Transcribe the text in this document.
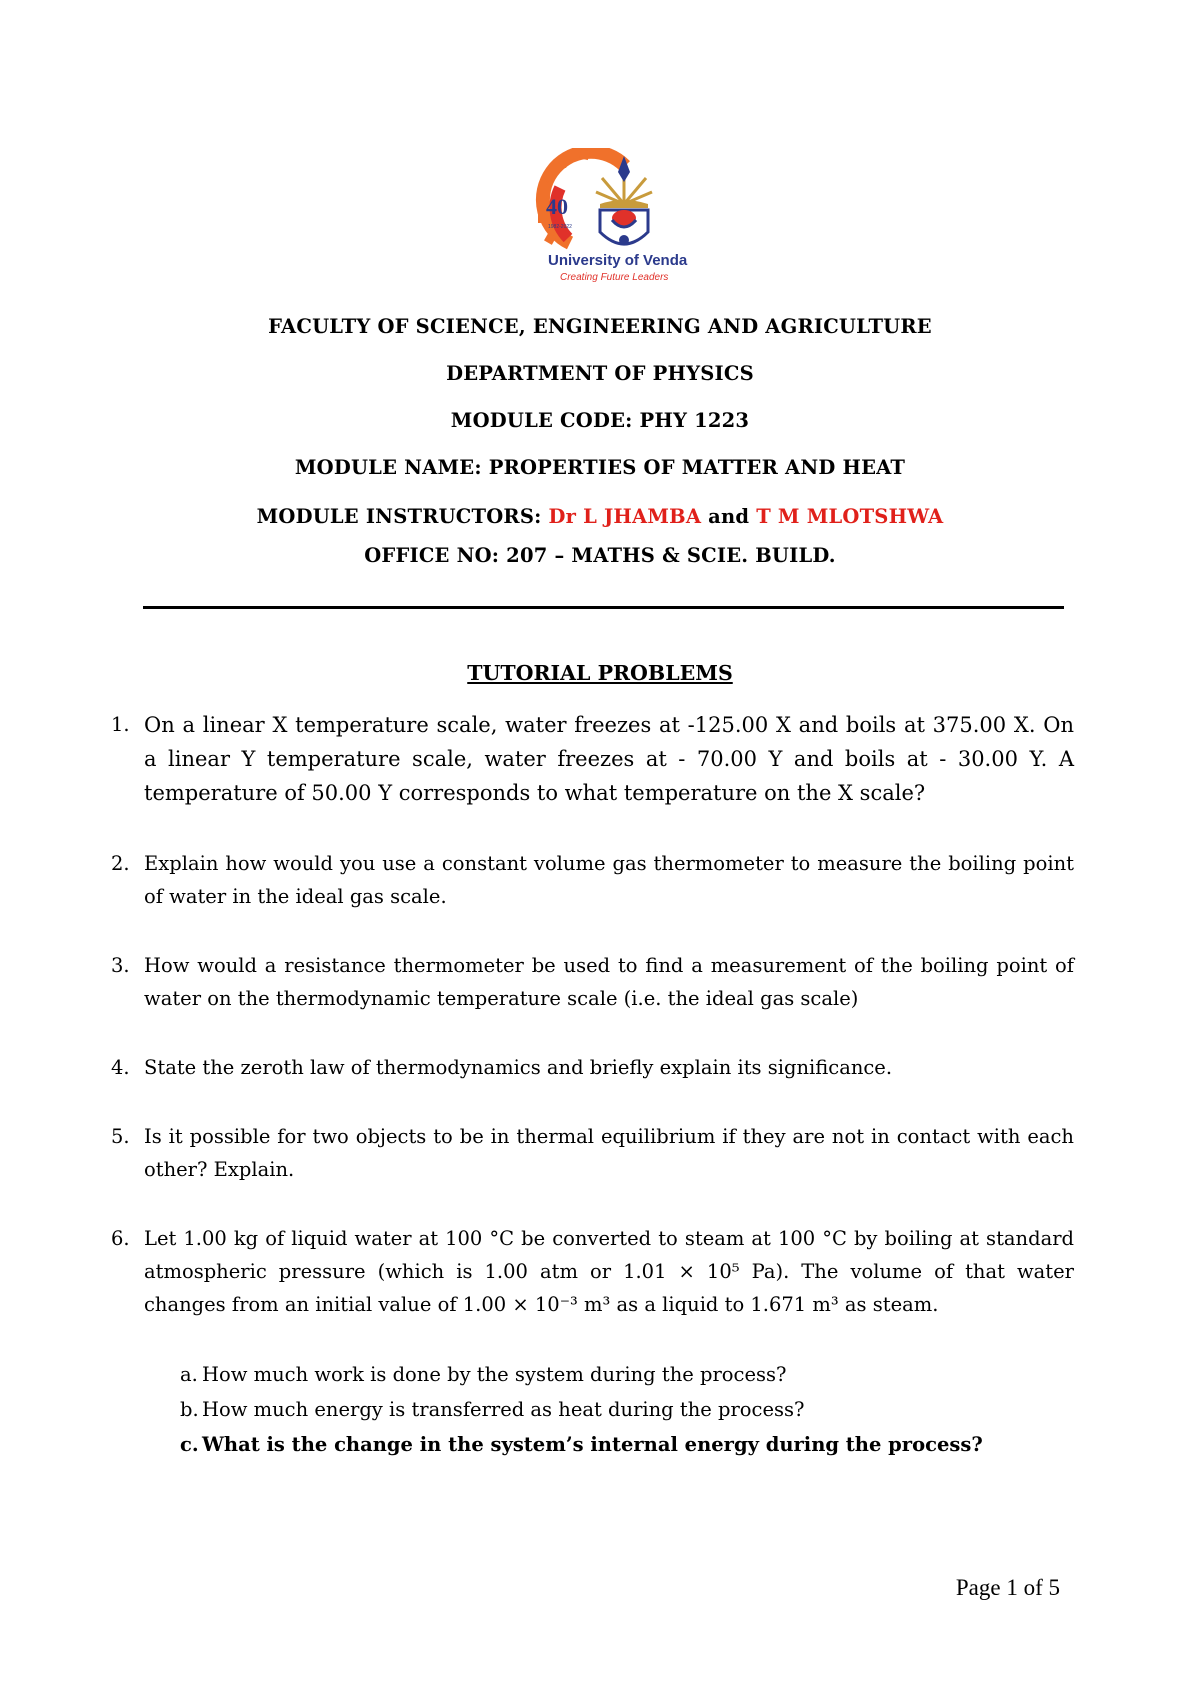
40
1982-2022
University of Venda
Creating Future Leaders
FACULTY OF SCIENCE, ENGINEERING AND AGRICULTURE
DEPARTMENT OF PHYSICS
MODULE CODE: PHY 1223
MODULE NAME: PROPERTIES OF MATTER AND HEAT
MODULE INSTRUCTORS: Dr L JHAMBA and T M MLOTSHWA
OFFICE NO: 207 – MATHS & SCIE. BUILD.
TUTORIAL PROBLEMS
1. On a linear X temperature scale, water freezes at -125.00 X and boils at 375.00 X. On a linear Y temperature scale, water freezes at - 70.00 Y and boils at - 30.00 Y. A temperature of 50.00 Y corresponds to what temperature on the X scale?
2. Explain how would you use a constant volume gas thermometer to measure the boiling point of water in the ideal gas scale.
3. How would a resistance thermometer be used to find a measurement of the boiling point of water on the thermodynamic temperature scale (i.e. the ideal gas scale)
4. State the zeroth law of thermodynamics and briefly explain its significance.
5. Is it possible for two objects to be in thermal equilibrium if they are not in contact with each other? Explain.
6. Let 1.00 kg of liquid water at 100 °C be converted to steam at 100 °C by boiling at standard atmospheric pressure (which is 1.00 atm or 1.01 × 10⁵ Pa). The volume of that water changes from an initial value of 1.00 × 10⁻³ m³ as a liquid to 1.671 m³ as steam.
a. How much work is done by the system during the process?
b. How much energy is transferred as heat during the process?
c. What is the change in the system’s internal energy during the process?
Page 1 of 5
